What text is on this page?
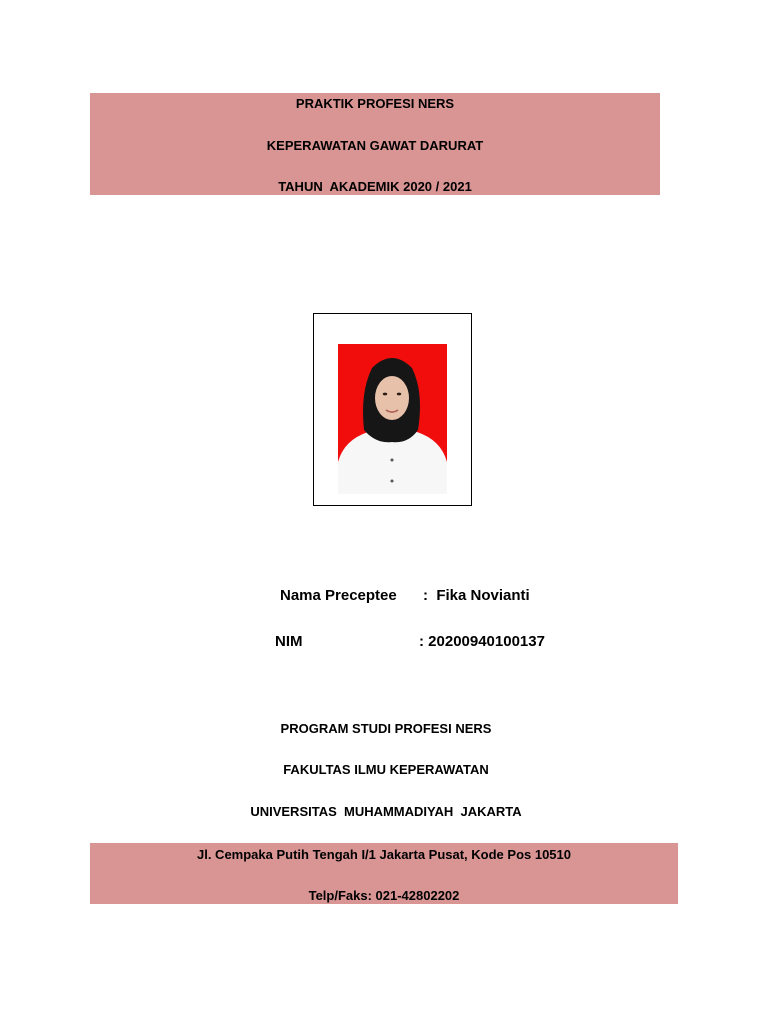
PRAKTIK PROFESI NERS
KEPERAWATAN GAWAT DARURAT
TAHUN  AKADEMIK 2020 / 2021
Nama Preceptee :  Fika Novianti
NIM	: 20200940100137
PROGRAM STUDI PROFESI NERS
FAKULTAS ILMU KEPERAWATAN
UNIVERSITAS  MUHAMMADIYAH  JAKARTA
Jl. Cempaka Putih Tengah I/1 Jakarta Pusat, Kode Pos 10510
Telp/Faks: 021-42802202
